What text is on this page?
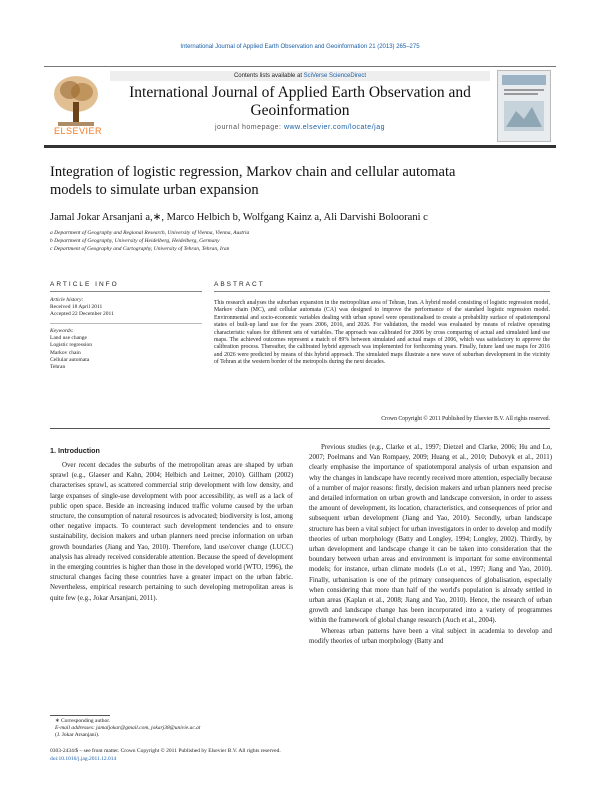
International Journal of Applied Earth Observation and Geoinformation 21 (2013) 265–275
ELSEVIER
Contents lists available at SciVerse ScienceDirect
International Journal of Applied Earth Observation and
Geoinformation
journal homepage: www.elsevier.com/locate/jag
Integration of logistic regression, Markov chain and cellular automata
models to simulate urban expansion
Jamal Jokar Arsanjani a,∗, Marco Helbich b, Wolfgang Kainz a, Ali Darvishi Boloorani c
a Department of Geography and Regional Research, University of Vienna, Vienna, Austria
b Department of Geography, University of Heidelberg, Heidelberg, Germany
c Department of Geography and Cartography, University of Tehran, Tehran, Iran
ARTICLE INFO
Article history:
Received 18 April 2011
Accepted 22 December 2011
Keywords:
Land use change
Logistic regression
Markov chain
Cellular automata
Tehran
ABSTRACT
This research analyses the suburban expansion in the metropolitan area of Tehran, Iran. A hybrid model consisting of logistic regression model, Markov chain (MC), and cellular automata (CA) was designed to improve the performance of the standard logistic regression model. Environmental and socio-economic variables dealing with urban sprawl were operationalised to create a probability surface of spatiotemporal states of built-up land use for the years 2006, 2016, and 2026. For validation, the model was evaluated by means of relative operating characteristic values for different sets of variables. The approach was calibrated for 2006 by cross comparing of actual and simulated land use maps. The achieved outcomes represent a match of 89% between simulated and actual maps of 2006, which was satisfactory to approve the calibration process. Thereafter, the calibrated hybrid approach was implemented for forthcoming years. Finally, future land use maps for 2016 and 2026 were predicted by means of this hybrid approach. The simulated maps illustrate a new wave of suburban development in the vicinity of Tehran at the western border of the metropolis during the next decades.
Crown Copyright © 2011 Published by Elsevier B.V. All rights reserved.
1. Introduction

Over recent decades the suburbs of the metropolitan areas are shaped by urban sprawl (e.g., Glaeser and Kahn, 2004; Helbich and Leitner, 2010). Gillham (2002) characterises sprawl, as scattered commercial strip development with low density, and large expanses of single-use development with poor accessibility, as well as a lack of public open space. Beside an increasing induced traffic volume caused by the urban structure, the consumption of natural resources is advocated; biodiversity is lost, among other negative impacts. To counteract such development tendencies and to ensure sustainability, decision makers and urban planners need precise information on urban growth boundaries (Jiang and Yao, 2010). Therefore, land use/cover change (LUCC) analysis has already received considerable attention. Because the speed of development in the emerging countries is higher than those in the developed world (WTO, 1996), the structural changes facing these countries have a greater impact on the urban fabric. Nevertheless, empirical research pertaining to such developing metropolitan areas is quite few (e.g., Jokar Arsanjani, 2011).

Previous studies (e.g., Clarke et al., 1997; Dietzel and Clarke, 2006; Hu and Lo, 2007; Poelmans and Van Rompaey, 2009; Huang et al., 2010; Dubovyk et al., 2011) clearly emphasise the importance of spatiotemporal analysis of urban expansion and why the changes in landscape have recently received more attention, especially because of a number of major reasons: firstly, decision makers and urban planners need precise and detailed information on urban growth and landscape conversion, in order to assess the amount of development, its location, characteristics, and consequences of prior and subsequent urban development (Jiang and Yao, 2010). Secondly, urban landscape structure has been a vital subject for urban investigators in order to develop and modify theories of urban morphology (Batty and Longley, 1994; Longley, 2002). Thirdly, by urban development and landscape change it can be taken into consideration that the boundary between urban areas and environment is important for some environmental models; for instance, urban climate models (Lo et al., 1997; Jiang and Yao, 2010). Finally, urbanisation is one of the primary consequences of globalisation, especially when considering that more than half of the world's population is already settled in urban areas (Kaplan et al., 2008; Jiang and Yao, 2010). Hence, the research of urban growth and landscape change has been incorporated into a variety of programmes within the framework of global change research (Auch et al., 2004).

Whereas urban patterns have been a vital subject in academia to develop and modify theories of urban morphology (Batty and

∗ Corresponding author.
E-mail addresses: jamaljokar@gmail.com, jokarj38@univie.ac.at
(J. Jokar Arsanjani).
0303-2434/$ – see front matter. Crown Copyright © 2011 Published by Elsevier B.V. All rights reserved.
doi:10.1016/j.jag.2011.12.014
